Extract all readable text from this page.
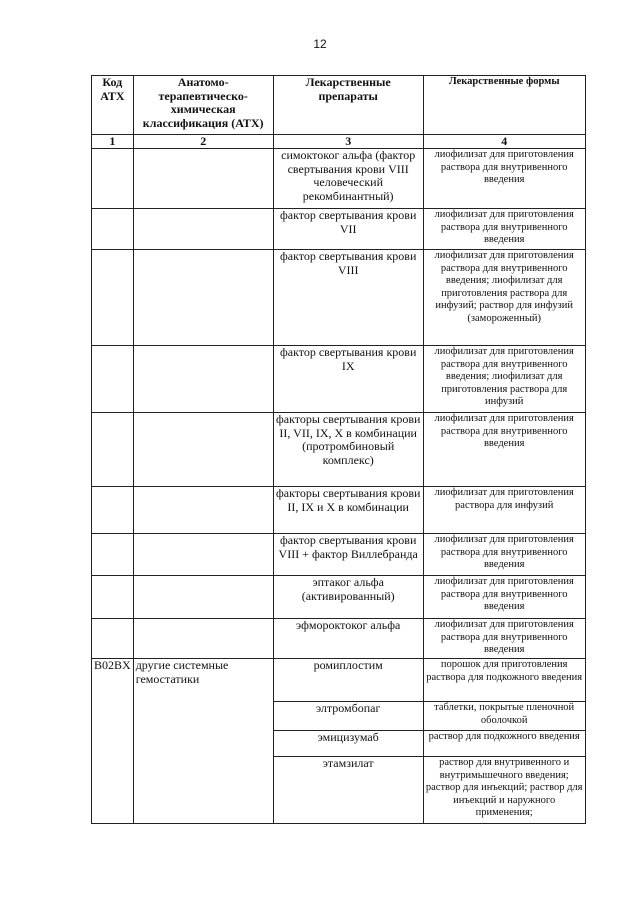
12
Код АТХ	Анатомо-терапевтическо-химическая классификация (АТХ)	Лекарственные препараты	Лекарственные формы
1	2	3	4
		симоктоког альфа (фактор свертывания крови VIII человеческий рекомбинантный)	лиофилизат для приготовления раствора для внутривенного введения
		фактор свертывания крови VII	лиофилизат для приготовления раствора для внутривенного введения
		фактор свертывания крови VIII	лиофилизат для приготовления раствора для внутривенного введения; лиофилизат для приготовления раствора для инфузий; раствор для инфузий (замороженный)
		фактор свертывания крови IX	лиофилизат для приготовления раствора для внутривенного введения; лиофилизат для приготовления раствора для инфузий
		факторы свертывания крови II, VII, IX, X в комбинации (протромбиновый комплекс)	лиофилизат для приготовления раствора для внутривенного введения
		факторы свертывания крови II, IX и X в комбинации	лиофилизат для приготовления раствора для инфузий
		фактор свертывания крови VIII + фактор Виллебранда	лиофилизат для приготовления раствора для внутривенного введения
		эптаког альфа (активированный)	лиофилизат для приготовления раствора для внутривенного введения
		эфмороктоког альфа	лиофилизат для приготовления раствора для внутривенного введения
B02BX	другие системные гемостатики	ромиплостим	порошок для приготовления раствора для подкожного введения
		элтромбопаг	таблетки, покрытые пленочной оболочкой
		эмицизумаб	раствор для подкожного введения
		этамзилат	раствор для внутривенного и внутримышечного введения; раствор для инъекций; раствор для инъекций и наружного применения;
